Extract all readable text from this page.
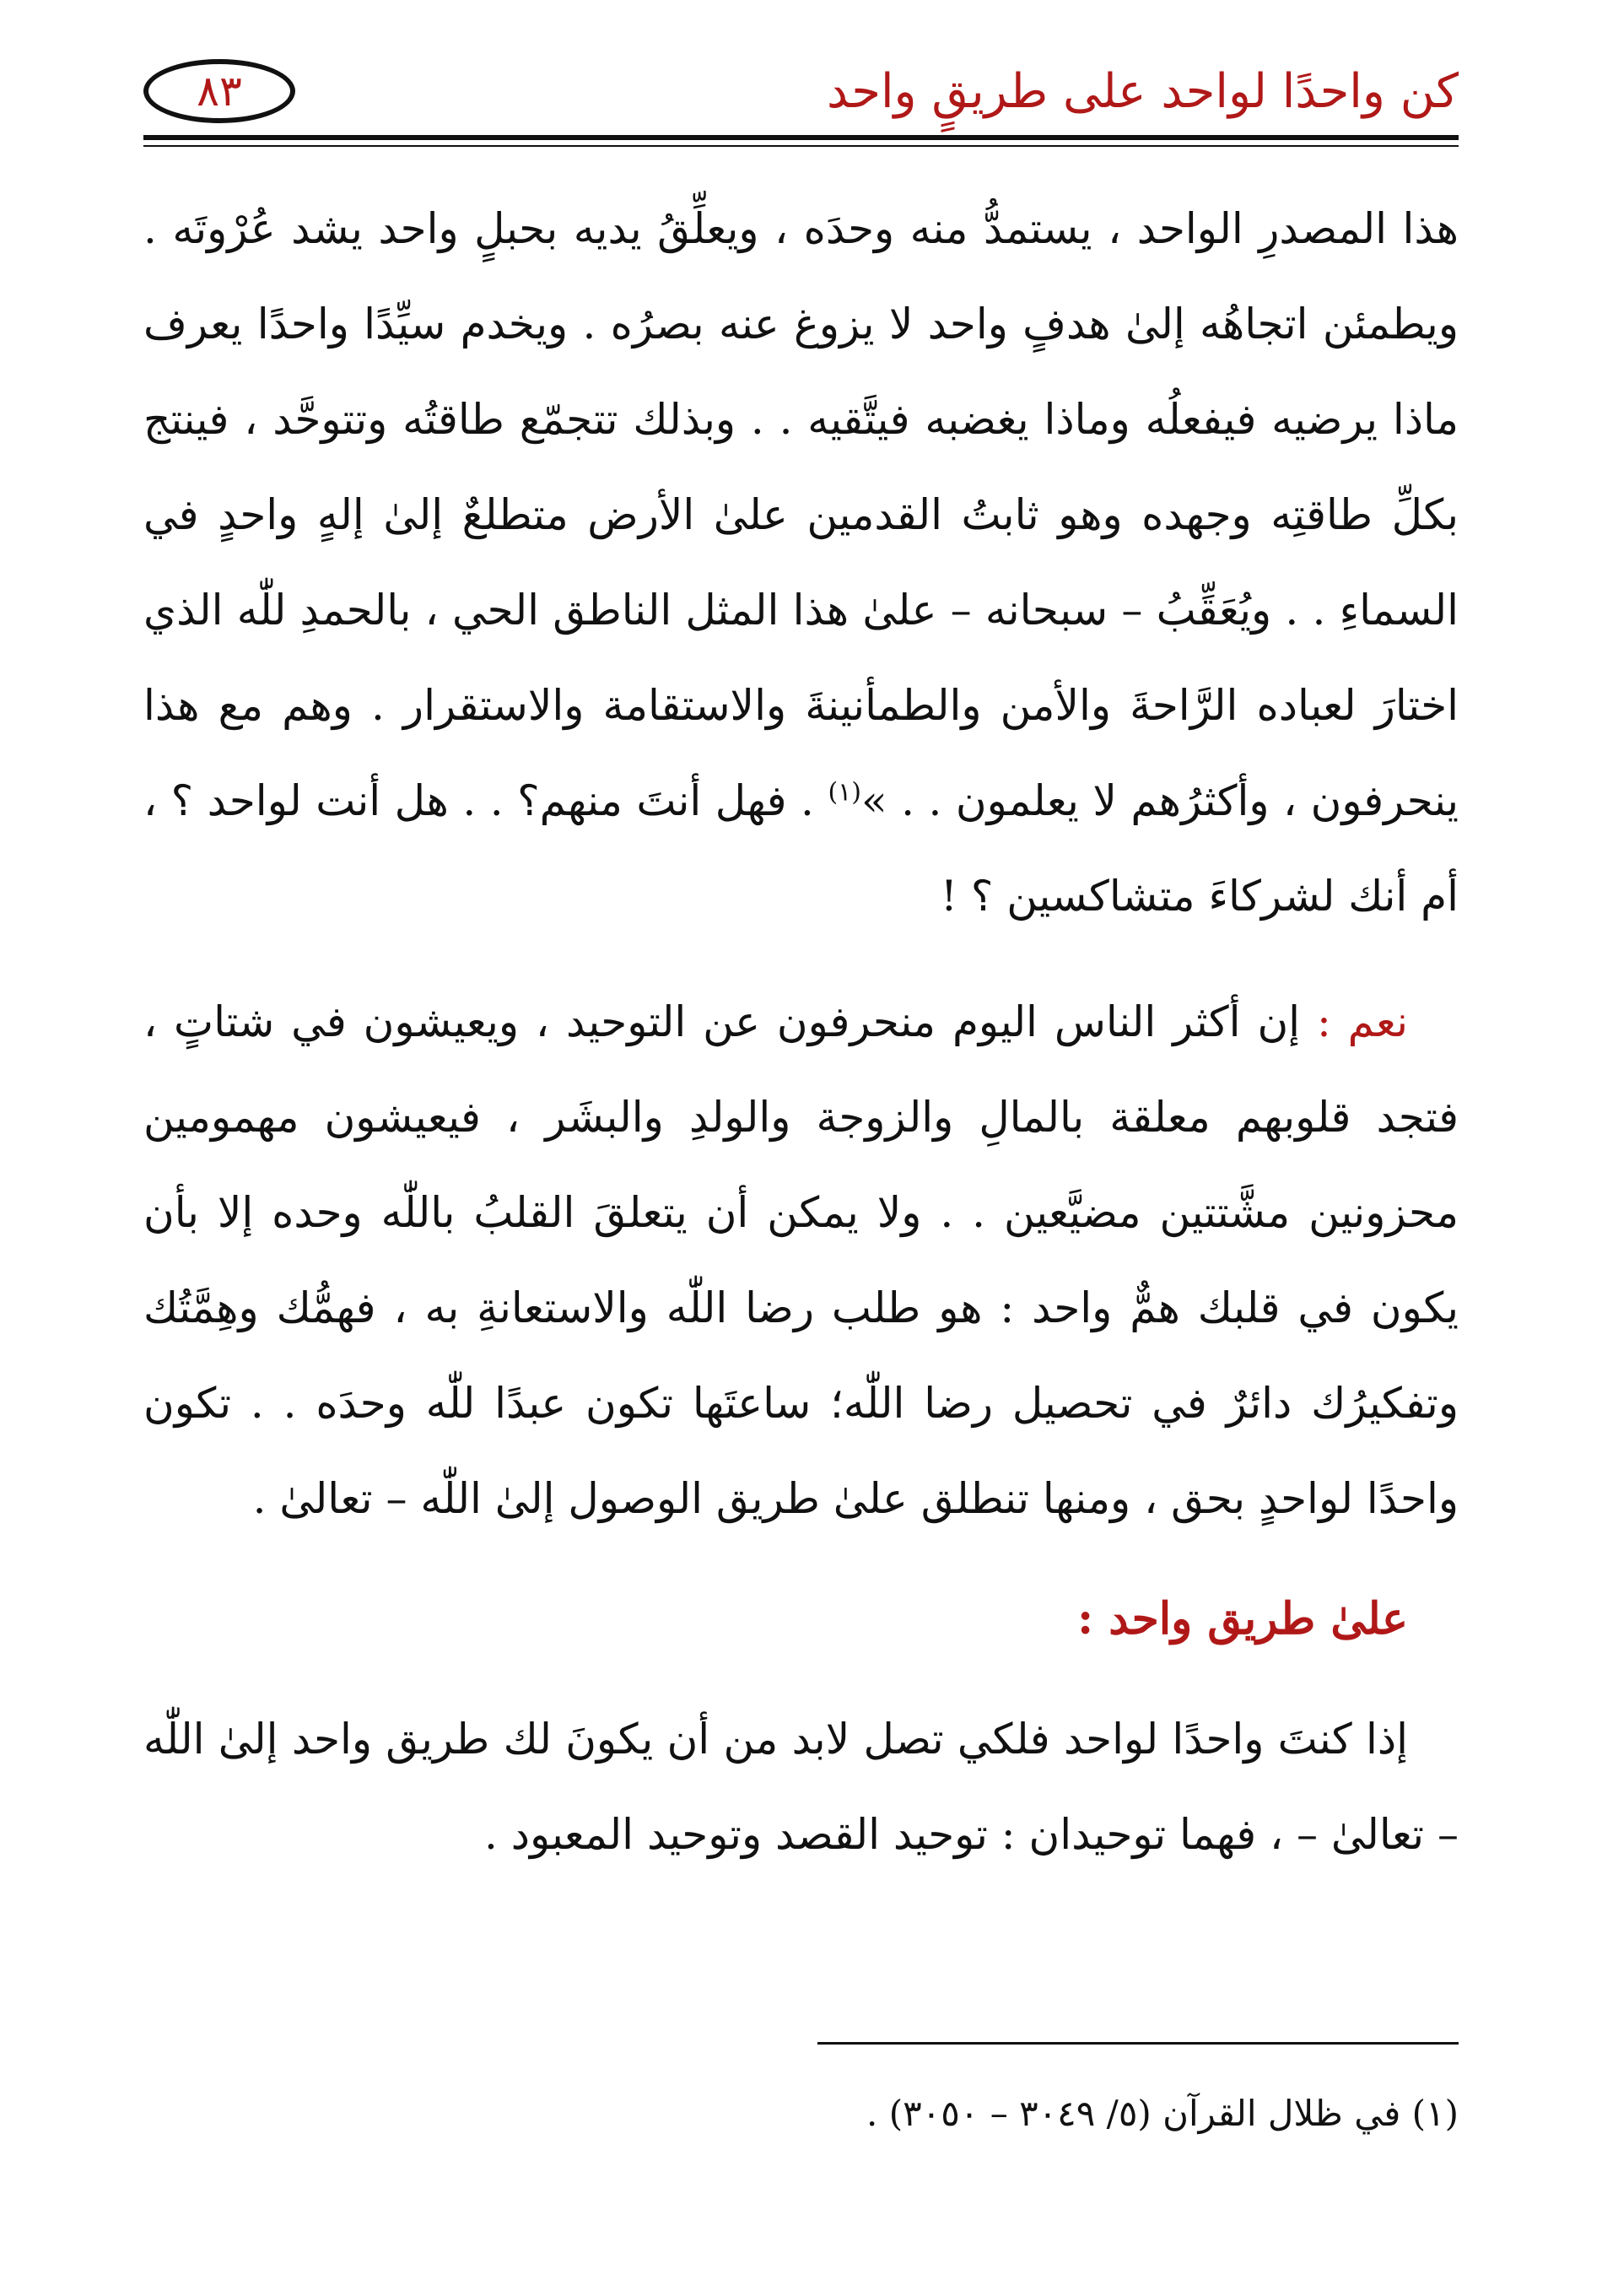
كن واحدًا لواحد على طريقٍ واحد
٨٣

هذا المصدرِ الواحد ، يستمدُّ منه وحدَه ، ويعلِّقُ يديه بحبلٍ واحد يشد عُرْوتَه . ويطمئن اتجاهُه إلىٰ هدفٍ واحد لا يزوغ عنه بصرُه . ويخدم سيِّدًا واحدًا يعرف ماذا يرضيه فيفعلُه وماذا يغضبه فيتَّقيه . . وبذلك تتجمّع طاقتُه وتتوحَّد ، فينتج بكلِّ طاقتِه وجهده وهو ثابتُ القدمين علىٰ الأرض متطلعٌ إلىٰ إلهٍ واحدٍ في السماءِ . . ويُعَقِّبُ – سبحانه – علىٰ هذا المثل الناطق الحي ، بالحمدِ للّٰه الذي اختارَ لعباده الرَّاحةَ والأمن والطمأنينةَ والاستقامة والاستقرار . وهم مع هذا ينحرفون ، وأكثرُهم لا يعلمون . . »$^{(١)}$ . فهل أنتَ منهم؟ . . هل أنت لواحد ؟ ، أم أنك لشركاءَ متشاكسين ؟ !

نعم : إن أكثر الناس اليوم منحرفون عن التوحيد ، ويعيشون في شتاتٍ ، فتجد قلوبهم معلقة بالمالِ والزوجة والولدِ والبشَر ، فيعيشون مهمومين محزونين مشَّتتين مضيَّعين . . ولا يمكن أن يتعلقَ القلبُ باللّٰه وحده إلا بأن يكون في قلبك همٌّ واحد : هو طلب رضا اللّٰه والاستعانةِ به ، فهمُّك وهِمَّتُك وتفكيرُك دائرٌ في تحصيل رضا اللّٰه؛ ساعتَها تكون عبدًا للّٰه وحدَه . . تكون واحدًا لواحدٍ بحق ، ومنها تنطلق علىٰ طريق الوصول إلىٰ اللّٰه – تعالىٰ .

علىٰ طريق واحد :

إذا كنتَ واحدًا لواحد فلكي تصل لابد من أن يكونَ لك طريق واحد إلىٰ اللّٰه – تعالىٰ – ، فهما توحيدان : توحيد القصد وتوحيد المعبود .

(١) في ظلال القرآن (٥/ ٣٠٤٩ – ٣٠٥٠) .
